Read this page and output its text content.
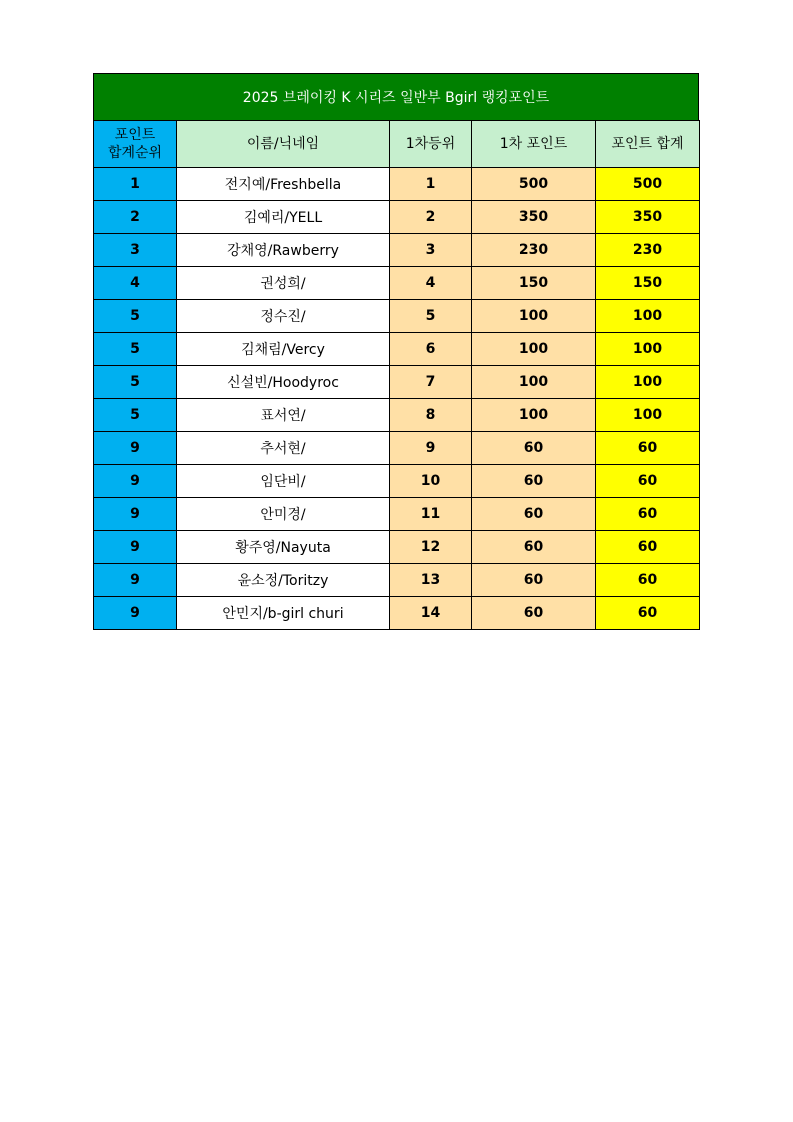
2025 브레이킹 K 시리즈 일반부 Bgirl 랭킹포인트
포인트
합계순위	이름/닉네임	1차등위	1차 포인트	포인트 합계
1	전지예/Freshbella	1	500	500
2	김예리/YELL	2	350	350
3	강채영/Rawberry	3	230	230
4	권성희/	4	150	150
5	정수진/	5	100	100
5	김채림/Vercy	6	100	100
5	신설빈/Hoodyroc	7	100	100
5	표서연/	8	100	100
9	추서현/	9	60	60
9	임단비/	10	60	60
9	안미경/	11	60	60
9	황주영/Nayuta	12	60	60
9	윤소정/Toritzy	13	60	60
9	안민지/b-girl churi	14	60	60
